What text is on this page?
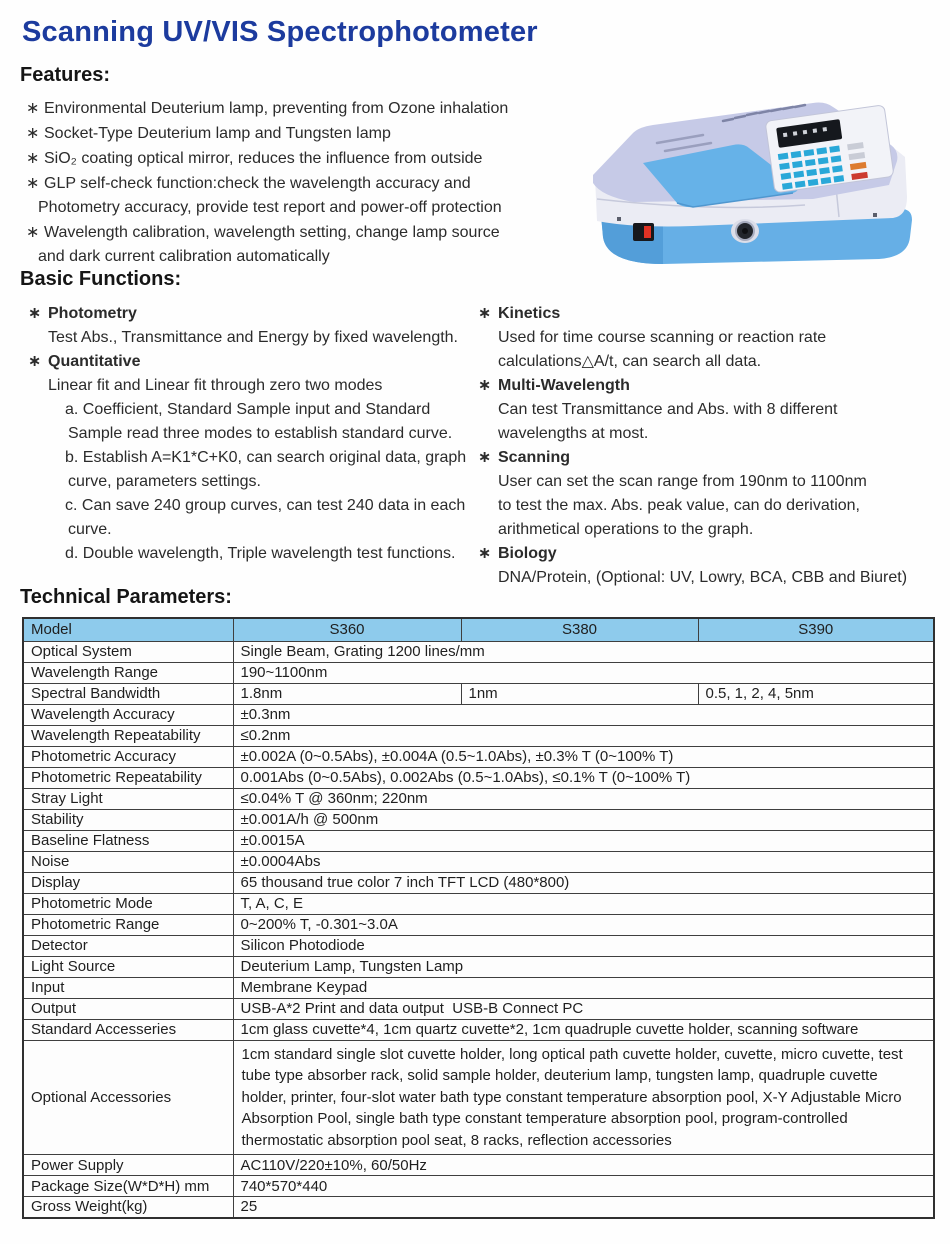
Scanning UV/VIS Spectrophotometer
Features:
∗ Environmental Deuterium lamp, preventing from Ozone inhalation
∗ Socket-Type Deuterium lamp and Tungsten lamp
∗ SiO₂ coating optical mirror, reduces the influence from outside
∗ GLP self-check function:check the wavelength accuracy and
Photometry accuracy, provide test report and power-off protection
∗ Wavelength calibration, wavelength setting, change lamp source
and dark current calibration automatically
Basic Functions:
∗ Photometry
Test Abs., Transmittance and Energy by fixed wavelength.
∗ Quantitative
Linear fit and Linear fit through zero two modes
a. Coefficient, Standard Sample input and Standard
Sample read three modes to establish standard curve.
b. Establish A=K1*C+K0, can search original data, graph
curve, parameters settings.
c. Can save 240 group curves, can test 240 data in each
curve.
d. Double wavelength, Triple wavelength test functions.
∗ Kinetics
Used for time course scanning or reaction rate
calculations△A/t, can search all data.
∗ Multi-Wavelength
Can test Transmittance and Abs. with 8 different
wavelengths at most.
∗ Scanning
User can set the scan range from 190nm to 1100nm
to test the max. Abs. peak value, can do derivation,
arithmetical operations to the graph.
∗ Biology
DNA/Protein, (Optional: UV, Lowry, BCA, CBB and Biuret)
Technical Parameters:
Model	S360	S380	S390
Optical System	Single Beam, Grating 1200 lines/mm		
Wavelength Range	190~1100nm		
Spectral Bandwidth	1.8nm	1nm	0.5, 1, 2, 4, 5nm
Wavelength Accuracy	±0.3nm		
Wavelength Repeatability	≤0.2nm		
Photometric Accuracy	±0.002A (0~0.5Abs), ±0.004A (0.5~1.0Abs), ±0.3% T (0~100% T)		
Photometric Repeatability	0.001Abs (0~0.5Abs), 0.002Abs (0.5~1.0Abs), ≤0.1% T (0~100% T)		
Stray Light	≤0.04% T @ 360nm; 220nm		
Stability	±0.001A/h @ 500nm		
Baseline Flatness	±0.0015A		
Noise	±0.0004Abs		
Display	65 thousand true color 7 inch TFT LCD (480*800)		
Photometric Mode	T, A, C, E		
Photometric Range	0~200% T, -0.301~3.0A		
Detector	Silicon Photodiode		
Light Source	Deuterium Lamp, Tungsten Lamp		
Input	Membrane Keypad		
Output	USB-A*2 Print and data output  USB-B Connect PC		
Standard Accesseries	1cm glass cuvette*4, 1cm quartz cuvette*2, 1cm quadruple cuvette holder, scanning software		
Optional Accessories	1cm standard single slot cuvette holder, long optical path cuvette holder, cuvette, micro cuvette, test tube type absorber rack, solid sample holder, deuterium lamp, tungsten lamp, quadruple cuvette holder, printer, four-slot water bath type constant temperature absorption pool, X-Y Adjustable Micro Absorption Pool, single bath type constant temperature absorption pool, program-controlled thermostatic absorption pool seat, 8 racks, reflection accessories		
Power Supply	AC110V/220±10%, 60/50Hz		
Package Size(W*D*H) mm	740*570*440		
Gross Weight(kg)	25		
